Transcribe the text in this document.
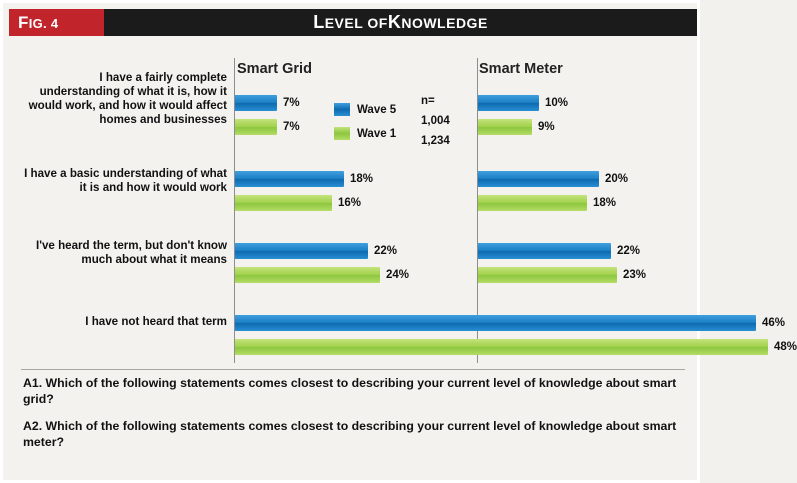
FIG. 4	L EVEL OF K NOWLEDGE
Smart Grid	Smart Meter
I have a fairly complete understanding of what it is, how it would work, and how it would affect homes and businesses
I have a basic understanding of what it is and how it would work
I've heard the term, but don't know much about what it means
I have not heard that term
Wave 5
Wave 1
n=
1,004
1,234
7%
18%
22%
7%
16%
24%
10%
20%
22%
46%
9%
18%
23%
48%
A1. Which of the following statements comes closest to describing your current level of knowledge about smart grid?
A2. Which of the following statements comes closest to describing your current level of knowledge about smart meter?
